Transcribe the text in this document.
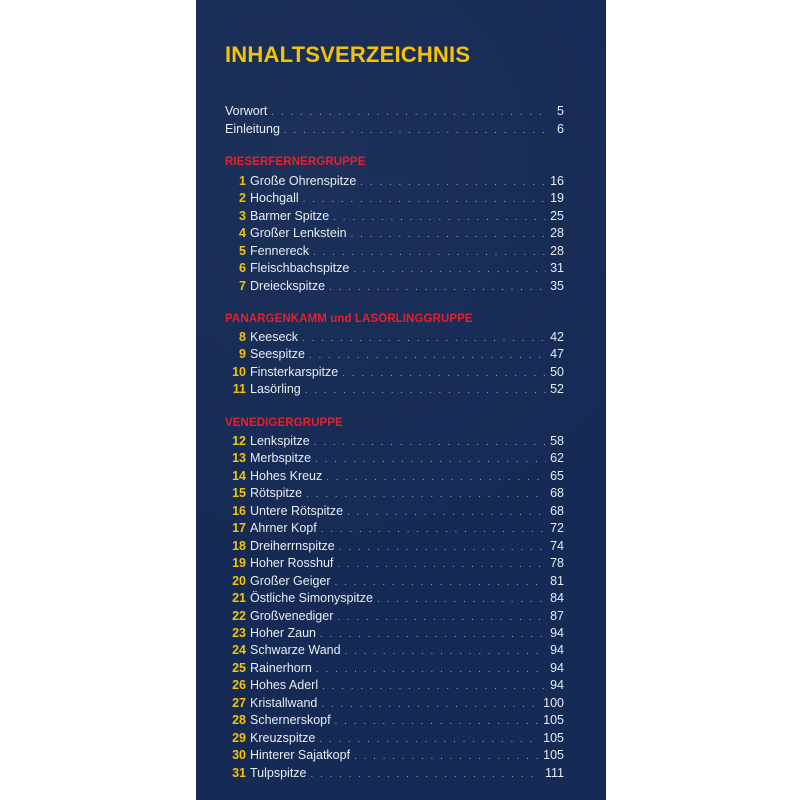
INHALTSVERZEICHNIS
Vorwort . . .	5
Einleitung . . .	6
RIESERFERNERGRUPPE
PANARGENKAMM und LASÖRLINGGRUPPE
VENEDIGERGRUPPE
1 Große Ohrenspitze . . .	16
2 Hochgall . . .	19
3 Barmer Spitze . . .	25
4 Großer Lenkstein . . .	28
5 Fennereck . . .	28
6 Fleischbachspitze . . .	31
7 Dreieckspitze . . .	35
8 Keeseck . . .	42
9 Seespitze . . .	47
10 Finsterkarspitze . . .	50
11 Lasörling . . .	52
12 Lenkspitze . . .	58
13 Merbspitze . . .	62
14 Hohes Kreuz . . .	65
15 Rötspitze . . .	68
16 Untere Rötspitze . . .	68
17 Ahrner Kopf . . .	72
18 Dreiherrnspitze . . .	74
19 Hoher Rosshuf . . .	78
20 Großer Geiger . . .	81
21 Östliche Simonyspitze . . .	84
22 Großvenediger . . .	87
23 Hoher Zaun . . .	94
24 Schwarze Wand . . .	94
25 Rainerhorn . . .	94
26 Hohes Aderl . . .	94
27 Kristallwand . . .	100
28 Schernerskopf . . .	105
29 Kreuzspitze . . .	105
30 Hinterer Sajatkopf . . .	105
31 Tulpspitze . . .	111
